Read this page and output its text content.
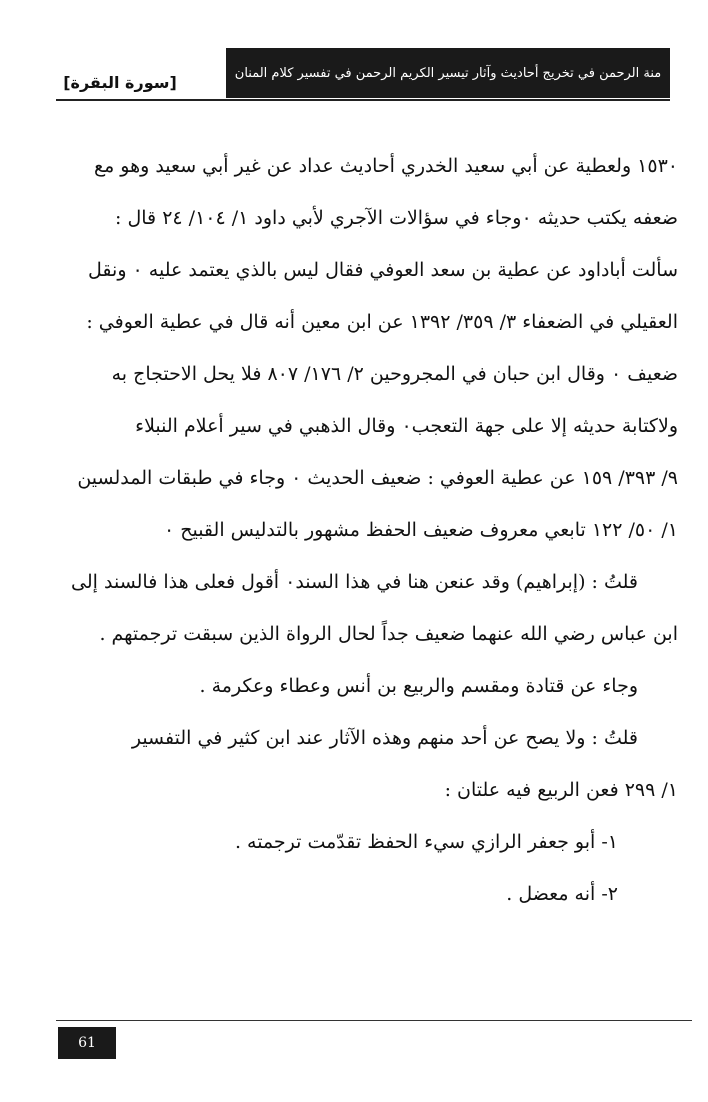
منة الرحمن في تخريج أحاديث وآثار تيسير الكريم الرحمن في تفسير كلام المنان
[سورة البقرة]
١٥٣٠ ولعطية عن أبي سعيد الخدري أحاديث عداد عن غير أبي سعيد وهو مع
ضعفه يكتب حديثه ٠وجاء في سؤالات الآجري لأبي داود ١/ ١٠٤/ ٢٤ قال :
سألت أباداود عن عطية بن سعد العوفي فقال ليس بالذي يعتمد عليه ٠ ونقل
العقيلي في الضعفاء ٣/ ٣٥٩/ ١٣٩٢ عن ابن معين أنه قال في عطية العوفي :
ضعيف ٠ وقال ابن حبان في المجروحين ٢/ ١٧٦/ ٨٠٧ فلا يحل الاحتجاج به
ولاكتابة حديثه إلا على جهة التعجب٠ وقال الذهبي في سير أعلام النبلاء
٩/ ٣٩٣/ ١٥٩ عن عطية العوفي : ضعيف الحديث ٠ وجاء في طبقات المدلسين
١/ ٥٠/ ١٢٢ تابعي معروف ضعيف الحفظ مشهور بالتدليس القبيح ٠
قلتُ : (إبراهيم) وقد عنعن هنا في هذا السند٠ أقول فعلى هذا فالسند إلى
ابن عباس رضي الله عنهما ضعيف جداً لحال الرواة الذين سبقت ترجمتهم .
وجاء عن قتادة ومقسم والربيع بن أنس وعطاء وعكرمة .
قلتُ : ولا يصح عن أحد منهم وهذه الآثار عند ابن كثير في التفسير
١/ ٢٩٩ فعن الربيع فيه علتان :
١- أبو جعفر الرازي سيء الحفظ تقدّمت ترجمته .
٢- أنه معضل .
61
